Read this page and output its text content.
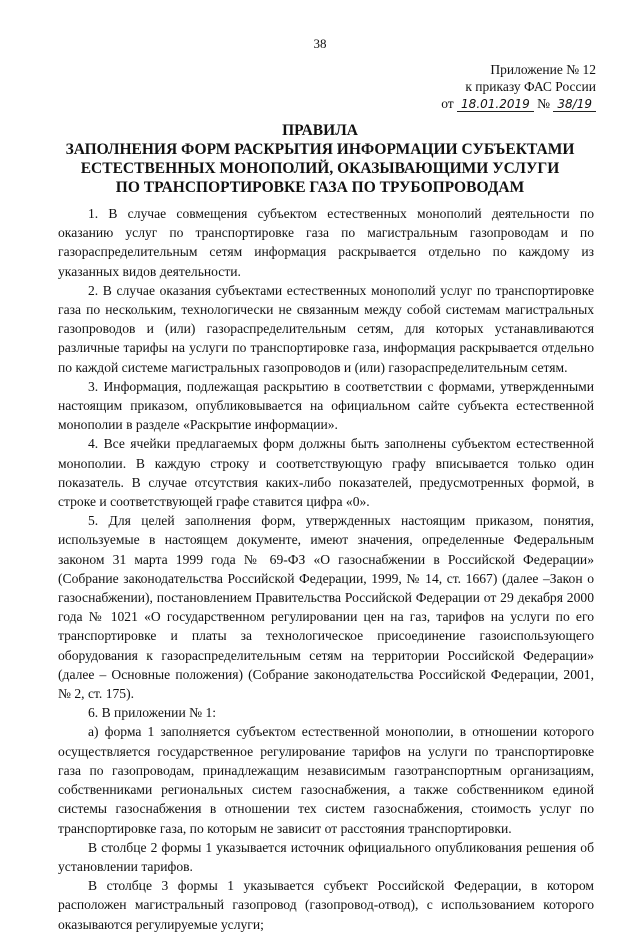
38
Приложение № 12
к приказу ФАС России
от 18.01.2019 № 38/19
ПРАВИЛА
ЗАПОЛНЕНИЯ ФОРМ РАСКРЫТИЯ ИНФОРМАЦИИ СУБЪЕКТАМИ
ЕСТЕСТВЕННЫХ МОНОПОЛИЙ, ОКАЗЫВАЮЩИМИ УСЛУГИ
ПО ТРАНСПОРТИРОВКЕ ГАЗА ПО ТРУБОПРОВОДАМ

1. В случае совмещения субъектом естественных монополий деятельности по оказанию услуг по транспортировке газа по магистральным газопроводам и по газораспределительным сетям информация раскрывается отдельно по каждому из указанных видов деятельности.

2. В случае оказания субъектами естественных монополий услуг по транспортировке газа по нескольким, технологически не связанным между собой системам магистральных газопроводов и (или) газораспределительным сетям, для которых устанавливаются различные тарифы на услуги по транспортировке газа, информация раскрывается отдельно по каждой системе магистральных газопроводов и (или) газораспределительным сетям.

3. Информация, подлежащая раскрытию в соответствии с формами, утвержденными настоящим приказом, опубликовывается на официальном сайте субъекта естественной монополии в разделе «Раскрытие информации».

4. Все ячейки предлагаемых форм должны быть заполнены субъектом естественной монополии. В каждую строку и соответствующую графу вписывается только один показатель. В случае отсутствия каких-либо показателей, предусмотренных формой, в строке и соответствующей графе ставится цифра «0».

5. Для целей заполнения форм, утвержденных настоящим приказом, понятия, используемые в настоящем документе, имеют значения, определенные Федеральным законом 31 марта 1999 года № 69-ФЗ «О газоснабжении в Российской Федерации» (Собрание законодательства Российской Федерации, 1999, № 14, ст. 1667) (далее –Закон о газоснабжении), постановлением Правительства Российской Федерации от 29 декабря 2000 года № 1021 «О государственном регулировании цен на газ, тарифов на услуги по его транспортировке и платы за технологическое присоединение газоиспользующего оборудования к газораспределительным сетям на территории Российской Федерации» (далее – Основные положения) (Собрание законодательства Российской Федерации, 2001, № 2, ст. 175).

6. В приложении № 1:

а) форма 1 заполняется субъектом естественной монополии, в отношении которого осуществляется государственное регулирование тарифов на услуги по транспортировке газа по газопроводам, принадлежащим независимым газотранспортным организациям, собственниками региональных систем газоснабжения, а также собственником единой системы газоснабжения в отношении тех систем газоснабжения, стоимость услуг по транспортировке газа, по которым не зависит от расстояния транспортировки.

В столбце 2 формы 1 указывается источник официального опубликования решения об установлении тарифов.

В столбце 3 формы 1 указывается субъект Российской Федерации, в котором расположен магистральный газопровод (газопровод-отвод), с использованием которого оказываются регулируемые услуги;
